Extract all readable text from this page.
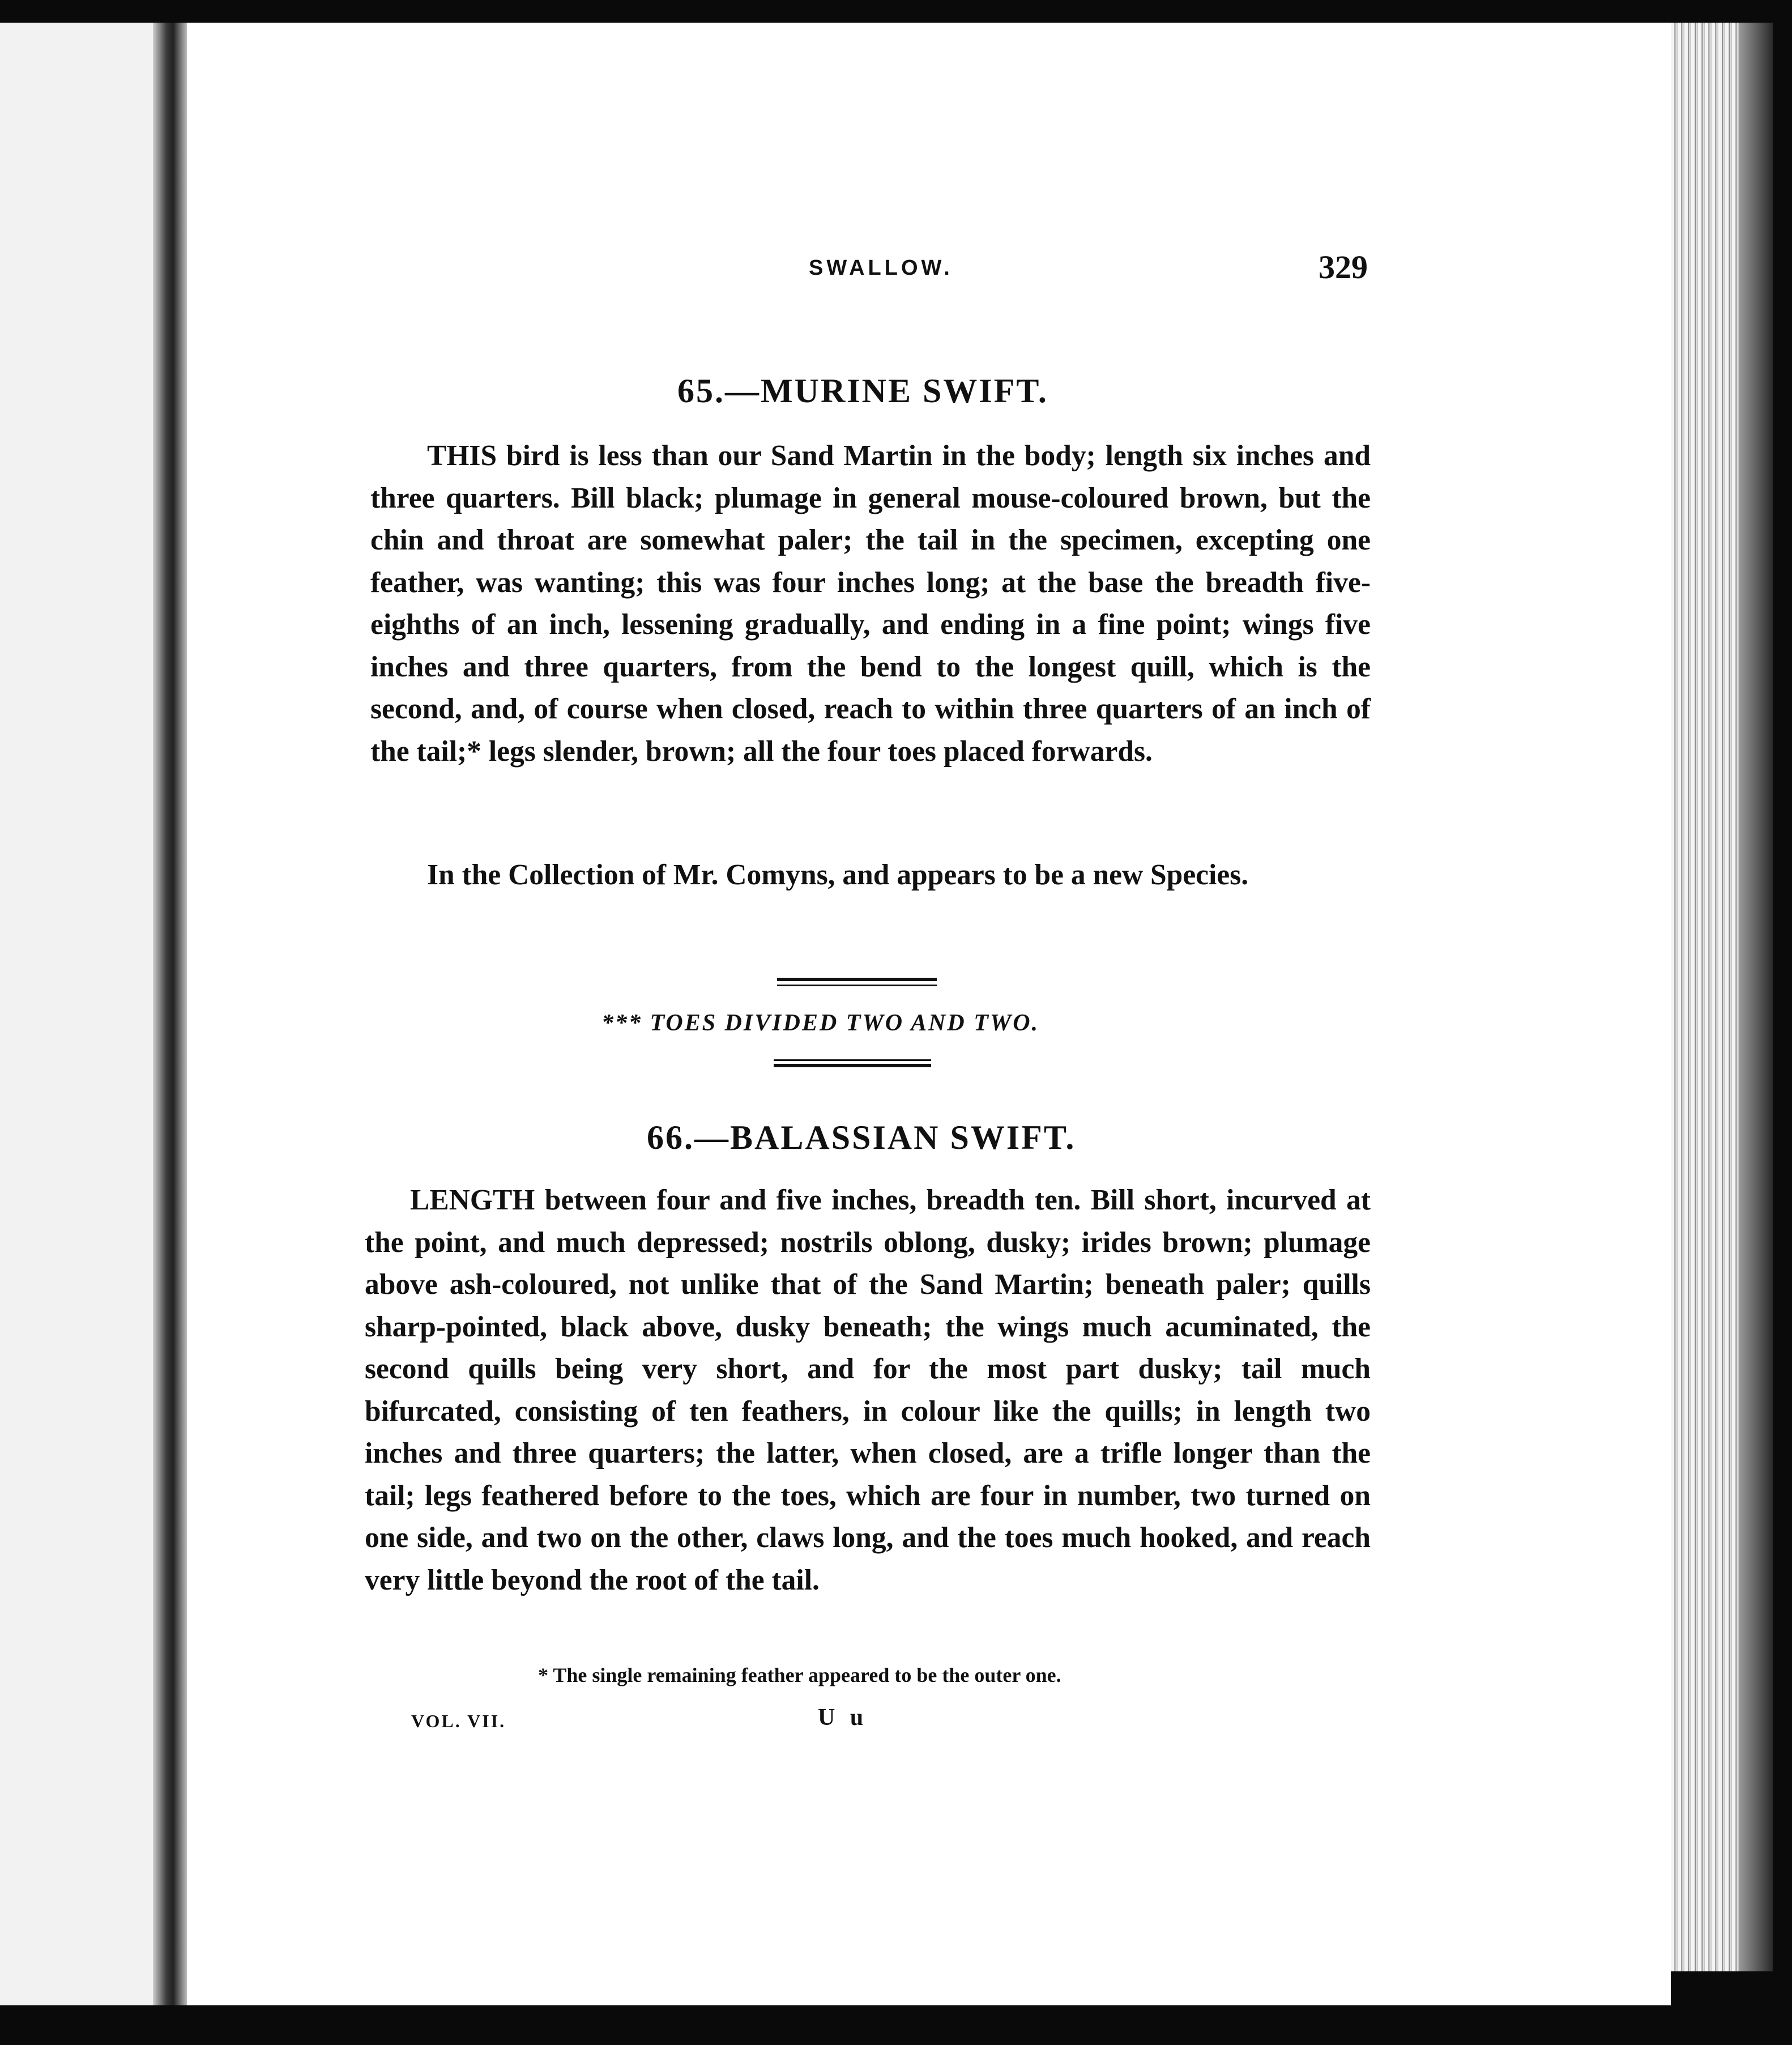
SWALLOW.	329
65.—MURINE SWIFT.
THIS bird is less than our Sand Martin in the body; length six inches and three quarters. Bill black; plumage in general mouse-coloured brown, but the chin and throat are somewhat paler; the tail in the specimen, excepting one feather, was wanting; this was four inches long; at the base the breadth five-eighths of an inch, lessening gradually, and ending in a fine point; wings five inches and three quarters, from the bend to the longest quill, which is the second, and, of course when closed, reach to within three quarters of an inch of the tail;* legs slender, brown; all the four toes placed forwards.
In the Collection of Mr. Comyns, and appears to be a new Species.
*** TOES DIVIDED TWO AND TWO.
66.—BALASSIAN SWIFT.
LENGTH between four and five inches, breadth ten. Bill short, incurved at the point, and much depressed; nostrils oblong, dusky; irides brown; plumage above ash-coloured, not unlike that of the Sand Martin; beneath paler; quills sharp-pointed, black above, dusky beneath; the wings much acuminated, the second quills being very short, and for the most part dusky; tail much bifurcated, consisting of ten feathers, in colour like the quills; in length two inches and three quarters; the latter, when closed, are a trifle longer than the tail; legs feathered before to the toes, which are four in number, two turned on one side, and two on the other, claws long, and the toes much hooked, and reach very little beyond the root of the tail.
* The single remaining feather appeared to be the outer one.
VOL. VII.	U u
